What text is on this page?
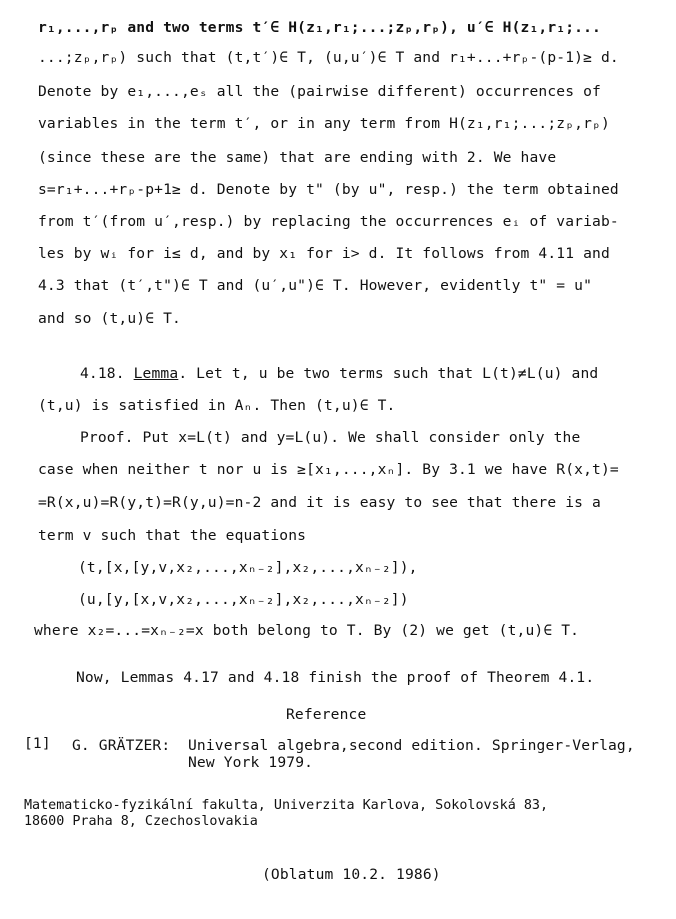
r₁,...,rₚ and two terms t′∈ H(z₁,r₁;...;zₚ,rₚ), u′∈ H(z₁,r₁;...
...;zₚ,rₚ) such that (t,t′)∈ T, (u,u′)∈ T and r₁+...+rₚ-(p-1)≥ d.
Denote by e₁,...,eₛ all the (pairwise different) occurrences of
variables in the term t′, or in any term from H(z₁,r₁;...;zₚ,rₚ)
(since these are the same) that are ending with 2. We have
s=r₁+...+rₚ-p+1≥ d. Denote by t" (by u", resp.) the term obtained
from t′(from u′,resp.) by replacing the occurrences eᵢ of variab-
les by wᵢ for i≤ d, and by x₁ for i> d. It follows from 4.11 and
4.3 that (t′,t")∈ T and (u′,u")∈ T. However, evidently t" = u"
and so (t,u)∈ T.
4.18. Lemma. Let t, u be two terms such that L(t)≠L(u) and
(t,u) is satisfied in Aₙ. Then (t,u)∈ T.
Proof. Put x=L(t) and y=L(u). We shall consider only the
case when neither t nor u is ≥[x₁,...,xₙ]. By 3.1 we have R(x,t)=
=R(x,u)=R(y,t)=R(y,u)=n-2 and it is easy to see that there is a
term v such that the equations
(t,[x,[y,v,x₂,...,xₙ₋₂],x₂,...,xₙ₋₂]),
(u,[y,[x,v,x₂,...,xₙ₋₂],x₂,...,xₙ₋₂])
where x₂=...=xₙ₋₂=x both belong to T. By (2) we get (t,u)∈ T.
Now, Lemmas 4.17 and 4.18 finish the proof of Theorem 4.1.
Reference
[1] G. GRÄTZER: Universal algebra,second edition. Springer-Verlag,
New York 1979.
Matematicko-fyzikální fakulta, Univerzita Karlova, Sokolovská 83,
18600 Praha 8, Czechoslovakia
(Oblatum 10.2. 1986)
